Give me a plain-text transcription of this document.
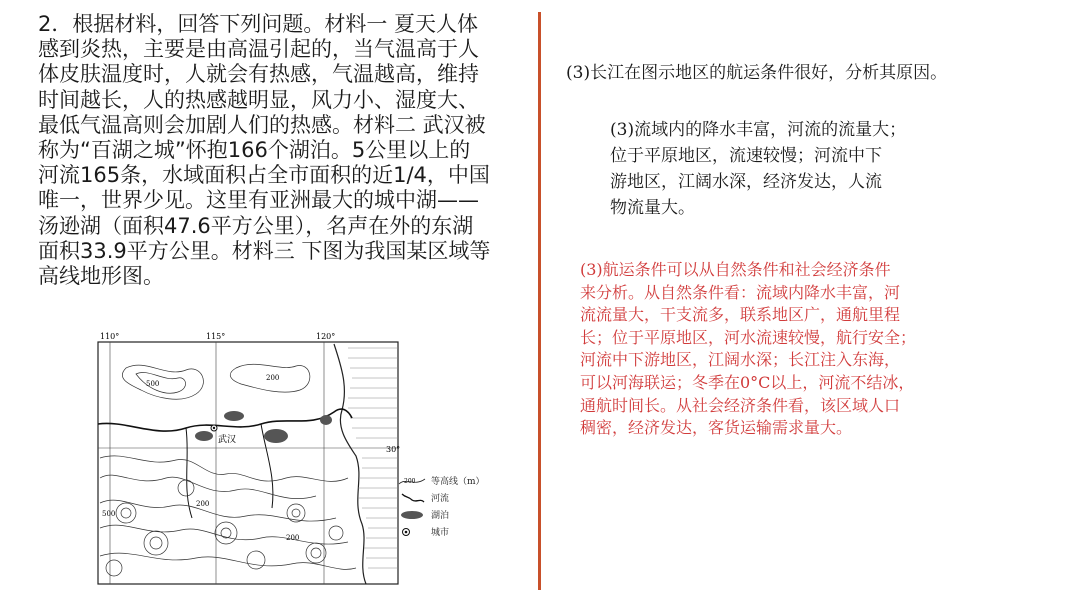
2．根据材料，回答下列问题。材料一 夏天人体
感到炎热，主要是由高温引起的，当气温高于人
体皮肤温度时，人就会有热感，气温越高，维持
时间越长，人的热感越明显，风力小、湿度大、
最低气温高则会加剧人们的热感。材料二 武汉被
称为“百湖之城”怀抱166个湖泊。5公里以上的
河流165条，水域面积占全市面积的近1/4，中国
唯一，世界少见。这里有亚洲最大的城中湖——
汤逊湖（面积47.6平方公里），名声在外的东湖
面积33.9平方公里。材料三 下图为我国某区域等
高线地形图。
(3)长江在图示地区的航运条件很好，分析其原因。
(3)流域内的降水丰富，河流的流量大；
位于平原地区，流速较慢；河流中下
游地区，江阔水深，经济发达，人流
物流量大。
(3)航运条件可以从自然条件和社会经济条件
来分析。从自然条件看：流域内降水丰富，河
流流量大，干支流多，联系地区广，通航里程
长；位于平原地区，河水流速较慢，航行安全；
河流中下游地区，江阔水深；长江注入东海，
可以河海联运；冬季在0°C以上，河流不结冰，
通航时间长。从社会经济条件看，该区域人口
稠密，经济发达，客货运输需求量大。
110°	115°	120°
30°
500
200
200
500
200
武汉
200 等高线（m）
河流
湖泊
城市
